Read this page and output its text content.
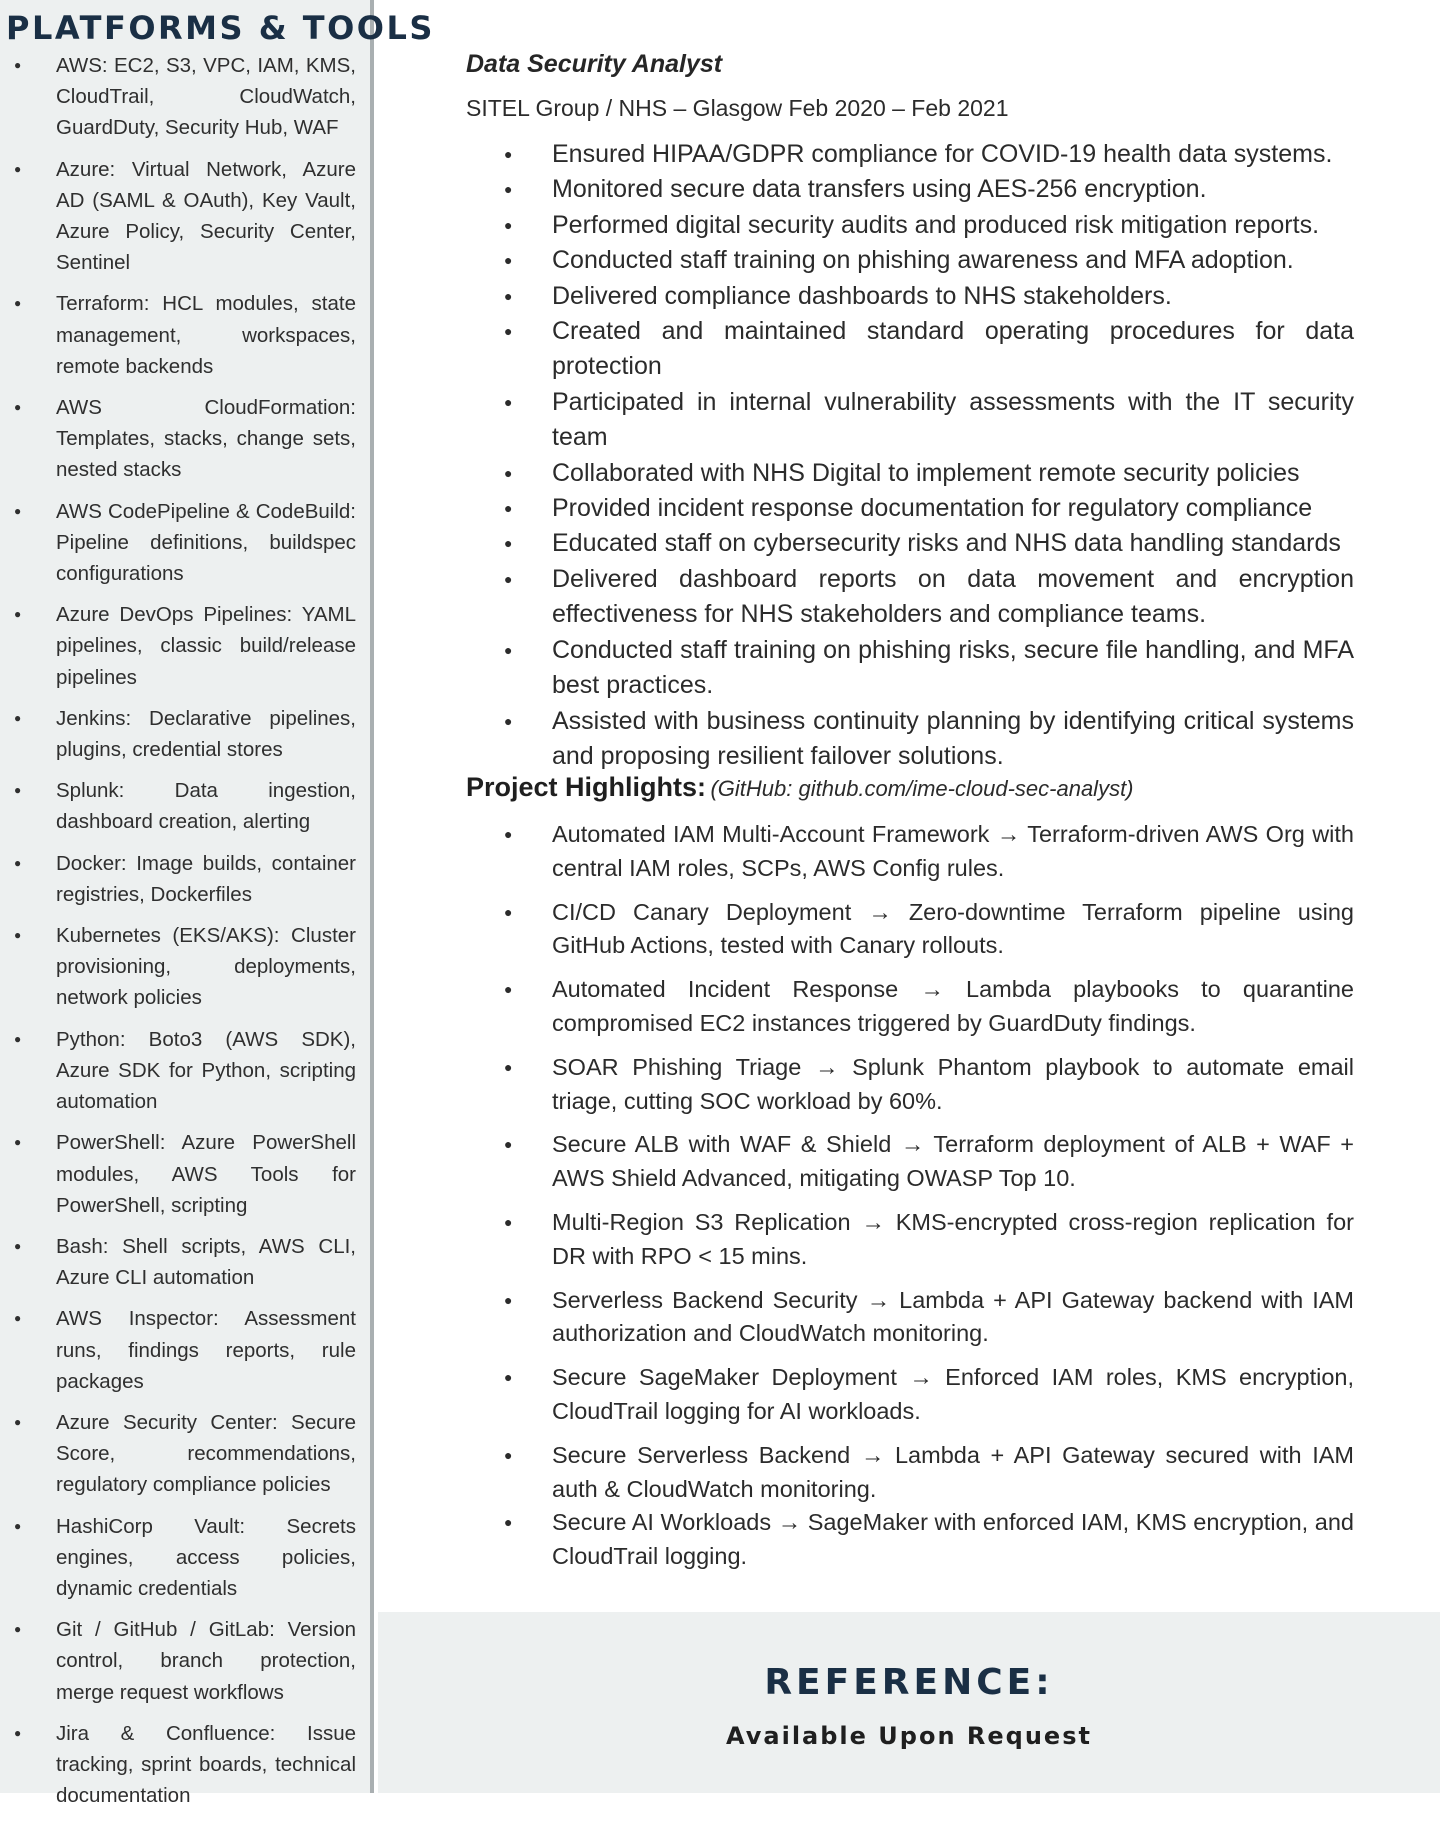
PLATFORMS & TOOLS
● AWS: EC2, S3, VPC, IAM, KMS, CloudTrail, CloudWatch, GuardDuty, Security Hub, WAF
● Azure: Virtual Network, Azure AD (SAML & OAuth), Key Vault, Azure Policy, Security Center, Sentinel
● Terraform: HCL modules, state management, workspaces, remote backends
● AWS CloudFormation: Templates, stacks, change sets, nested stacks
● AWS CodePipeline & CodeBuild: Pipeline definitions, buildspec configurations
● Azure DevOps Pipelines: YAML pipelines, classic build/release pipelines
● Jenkins: Declarative pipelines, plugins, credential stores
● Splunk: Data ingestion, dashboard creation, alerting
● Docker: Image builds, container registries, Dockerfiles
● Kubernetes (EKS/AKS): Cluster provisioning, deployments, network policies
● Python: Boto3 (AWS SDK), Azure SDK for Python, scripting automation
● PowerShell: Azure PowerShell modules, AWS Tools for PowerShell, scripting
● Bash: Shell scripts, AWS CLI, Azure CLI automation
● AWS Inspector: Assessment runs, findings reports, rule packages
● Azure Security Center: Secure Score, recommendations, regulatory compliance policies
● HashiCorp Vault: Secrets engines, access policies, dynamic credentials
● Git / GitHub / GitLab: Version control, branch protection, merge request workflows
● Jira & Confluence: Issue tracking, sprint boards, technical documentation
Data Security Analyst
SITEL Group / NHS – Glasgow Feb 2020 – Feb 2021
● Ensured HIPAA/GDPR compliance for COVID-19 health data systems.
● Monitored secure data transfers using AES-256 encryption.
● Performed digital security audits and produced risk mitigation reports.
● Conducted staff training on phishing awareness and MFA adoption.
● Delivered compliance dashboards to NHS stakeholders.
● Created and maintained standard operating procedures for data protection
● Participated in internal vulnerability assessments with the IT security team
● Collaborated with NHS Digital to implement remote security policies
● Provided incident response documentation for regulatory compliance
● Educated staff on cybersecurity risks and NHS data handling standards
● Delivered dashboard reports on data movement and encryption effectiveness for NHS stakeholders and compliance teams.
● Conducted staff training on phishing risks, secure file handling, and MFA best practices.
● Assisted with business continuity planning by identifying critical systems and proposing resilient failover solutions.
Project Highlights: (GitHub: github.com/ime-cloud-sec-analyst)
● Automated IAM Multi-Account Framework → Terraform-driven AWS Org with central IAM roles, SCPs, AWS Config rules.
● CI/CD Canary Deployment → Zero-downtime Terraform pipeline using GitHub Actions, tested with Canary rollouts.
● Automated Incident Response → Lambda playbooks to quarantine compromised EC2 instances triggered by GuardDuty findings.
● SOAR Phishing Triage → Splunk Phantom playbook to automate email triage, cutting SOC workload by 60%.
● Secure ALB with WAF & Shield → Terraform deployment of ALB + WAF + AWS Shield Advanced, mitigating OWASP Top 10.
● Multi-Region S3 Replication → KMS-encrypted cross-region replication for DR with RPO < 15 mins.
● Serverless Backend Security → Lambda + API Gateway backend with IAM authorization and CloudWatch monitoring.
● Secure SageMaker Deployment → Enforced IAM roles, KMS encryption, CloudTrail logging for AI workloads.
● Secure Serverless Backend → Lambda + API Gateway secured with IAM auth & CloudWatch monitoring.
● Secure AI Workloads → SageMaker with enforced IAM, KMS encryption, and CloudTrail logging.
REFERENCE:
Available Upon Request
